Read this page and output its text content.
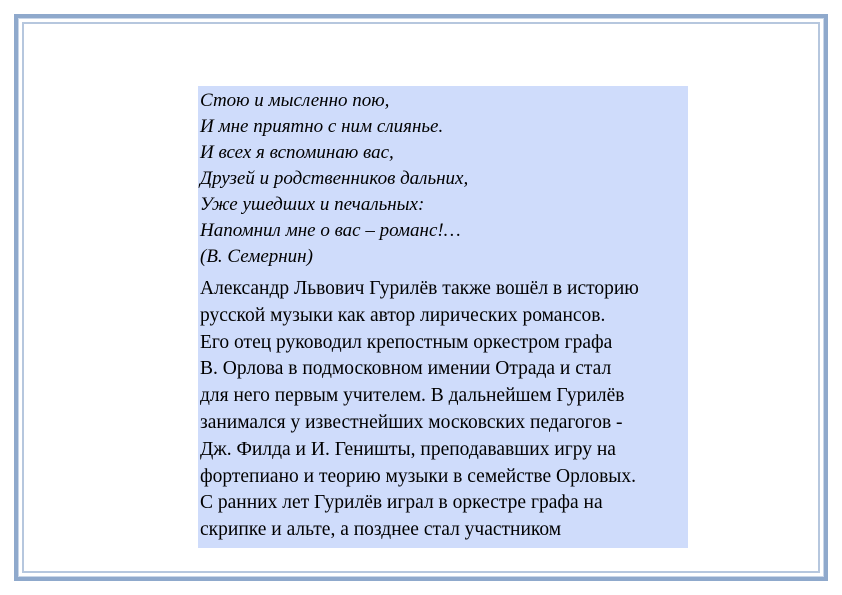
Стою и мысленно пою,
И мне приятно с ним слиянье.
И всех я вспоминаю вас,
Друзей и родственников дальних,
Уже ушедших и печальных:
Напомнил мне о вас – романс!…
(В. Семернин)
Александр Львович Гурилёв также вошёл в историю
русской музыки как автор лирических романсов.
Его отец руководил крепостным оркестром графа
В. Орлова в подмосковном имении Отрада и стал
для него первым учителем. В дальнейшем Гурилёв
занимался у известнейших московских педагогов -
Дж. Филда и И. Геништы, преподававших игру на
фортепиано и теорию музыки в семействе Орловых.
С ранних лет Гурилёв играл в оркестре графа на
скрипке и альте, а позднее стал участником
